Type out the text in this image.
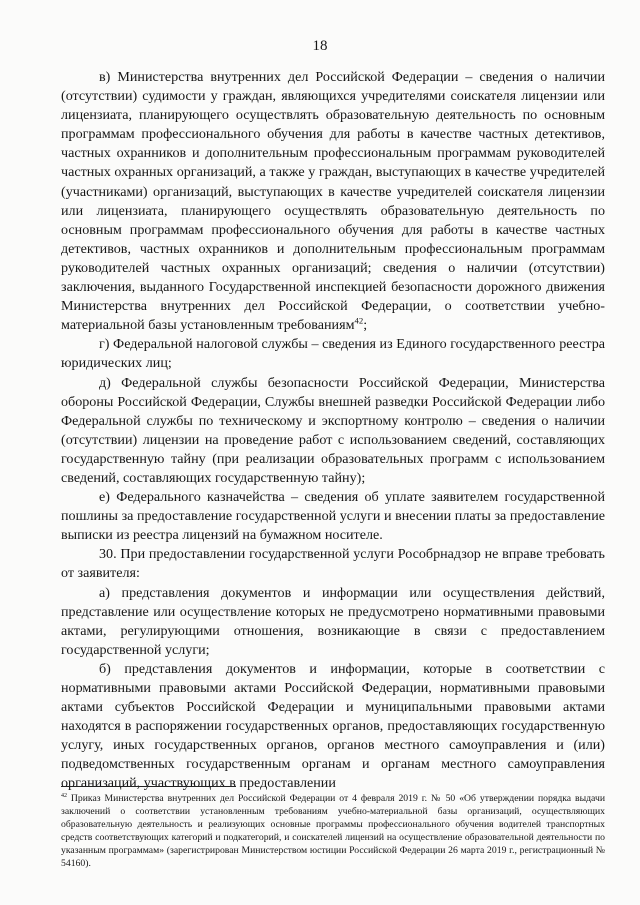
18

в) Министерства внутренних дел Российской Федерации – сведения о наличии (отсутствии) судимости у граждан, являющихся учредителями соискателя лицензии или лицензиата, планирующего осуществлять образовательную деятельность по основным программам профессионального обучения для работы в качестве частных детективов, частных охранников и дополнительным профессиональным программам руководителей частных охранных организаций, а также у граждан, выступающих в качестве учредителей (участниками) организаций, выступающих в качестве учредителей соискателя лицензии или лицензиата, планирующего осуществлять образовательную деятельность по основным программам профессионального обучения для работы в качестве частных детективов, частных охранников и дополнительным профессиональным программам руководителей частных охранных организаций; сведения о наличии (отсутствии) заключения, выданного Государственной инспекцией безопасности дорожного движения Министерства внутренних дел Российской Федерации, о соответствии учебно-материальной базы установленным требованиям$^{42}$;

г) Федеральной налоговой службы – сведения из Единого государственного реестра юридических лиц;

д) Федеральной службы безопасности Российской Федерации, Министерства обороны Российской Федерации, Службы внешней разведки Российской Федерации либо Федеральной службы по техническому и экспортному контролю – сведения о наличии (отсутствии) лицензии на проведение работ с использованием сведений, составляющих государственную тайну (при реализации образовательных программ с использованием сведений, составляющих государственную тайну);

е) Федерального казначейства – сведения об уплате заявителем государственной пошлины за предоставление государственной услуги и внесении платы за предоставление выписки из реестра лицензий на бумажном носителе.

30. При предоставлении государственной услуги Рособрнадзор не вправе требовать от заявителя:

а) представления документов и информации или осуществления действий, представление или осуществление которых не предусмотрено нормативными правовыми актами, регулирующими отношения, возникающие в связи с предоставлением государственной услуги;

б) представления документов и информации, которые в соответствии с нормативными правовыми актами Российской Федерации, нормативными правовыми актами субъектов Российской Федерации и муниципальными правовыми актами находятся в распоряжении государственных органов, предоставляющих государственную услугу, иных государственных органов, органов местного самоуправления и (или) подведомственных государственным органам и органам местного самоуправления организаций, участвующих в предоставлении

$^{42}$ Приказ Министерства внутренних дел Российской Федерации от 4 февраля 2019 г. № 50 «Об утверждении порядка выдачи заключений о соответствии установленным требованиям учебно-материальной базы организаций, осуществляющих образовательную деятельность и реализующих основные программы профессионального обучения водителей транспортных средств соответствующих категорий и подкатегорий, и соискателей лицензий на осуществление образовательной деятельности по указанным программам» (зарегистрирован Министерством юстиции Российской Федерации 26 марта 2019 г., регистрационный № 54160).
